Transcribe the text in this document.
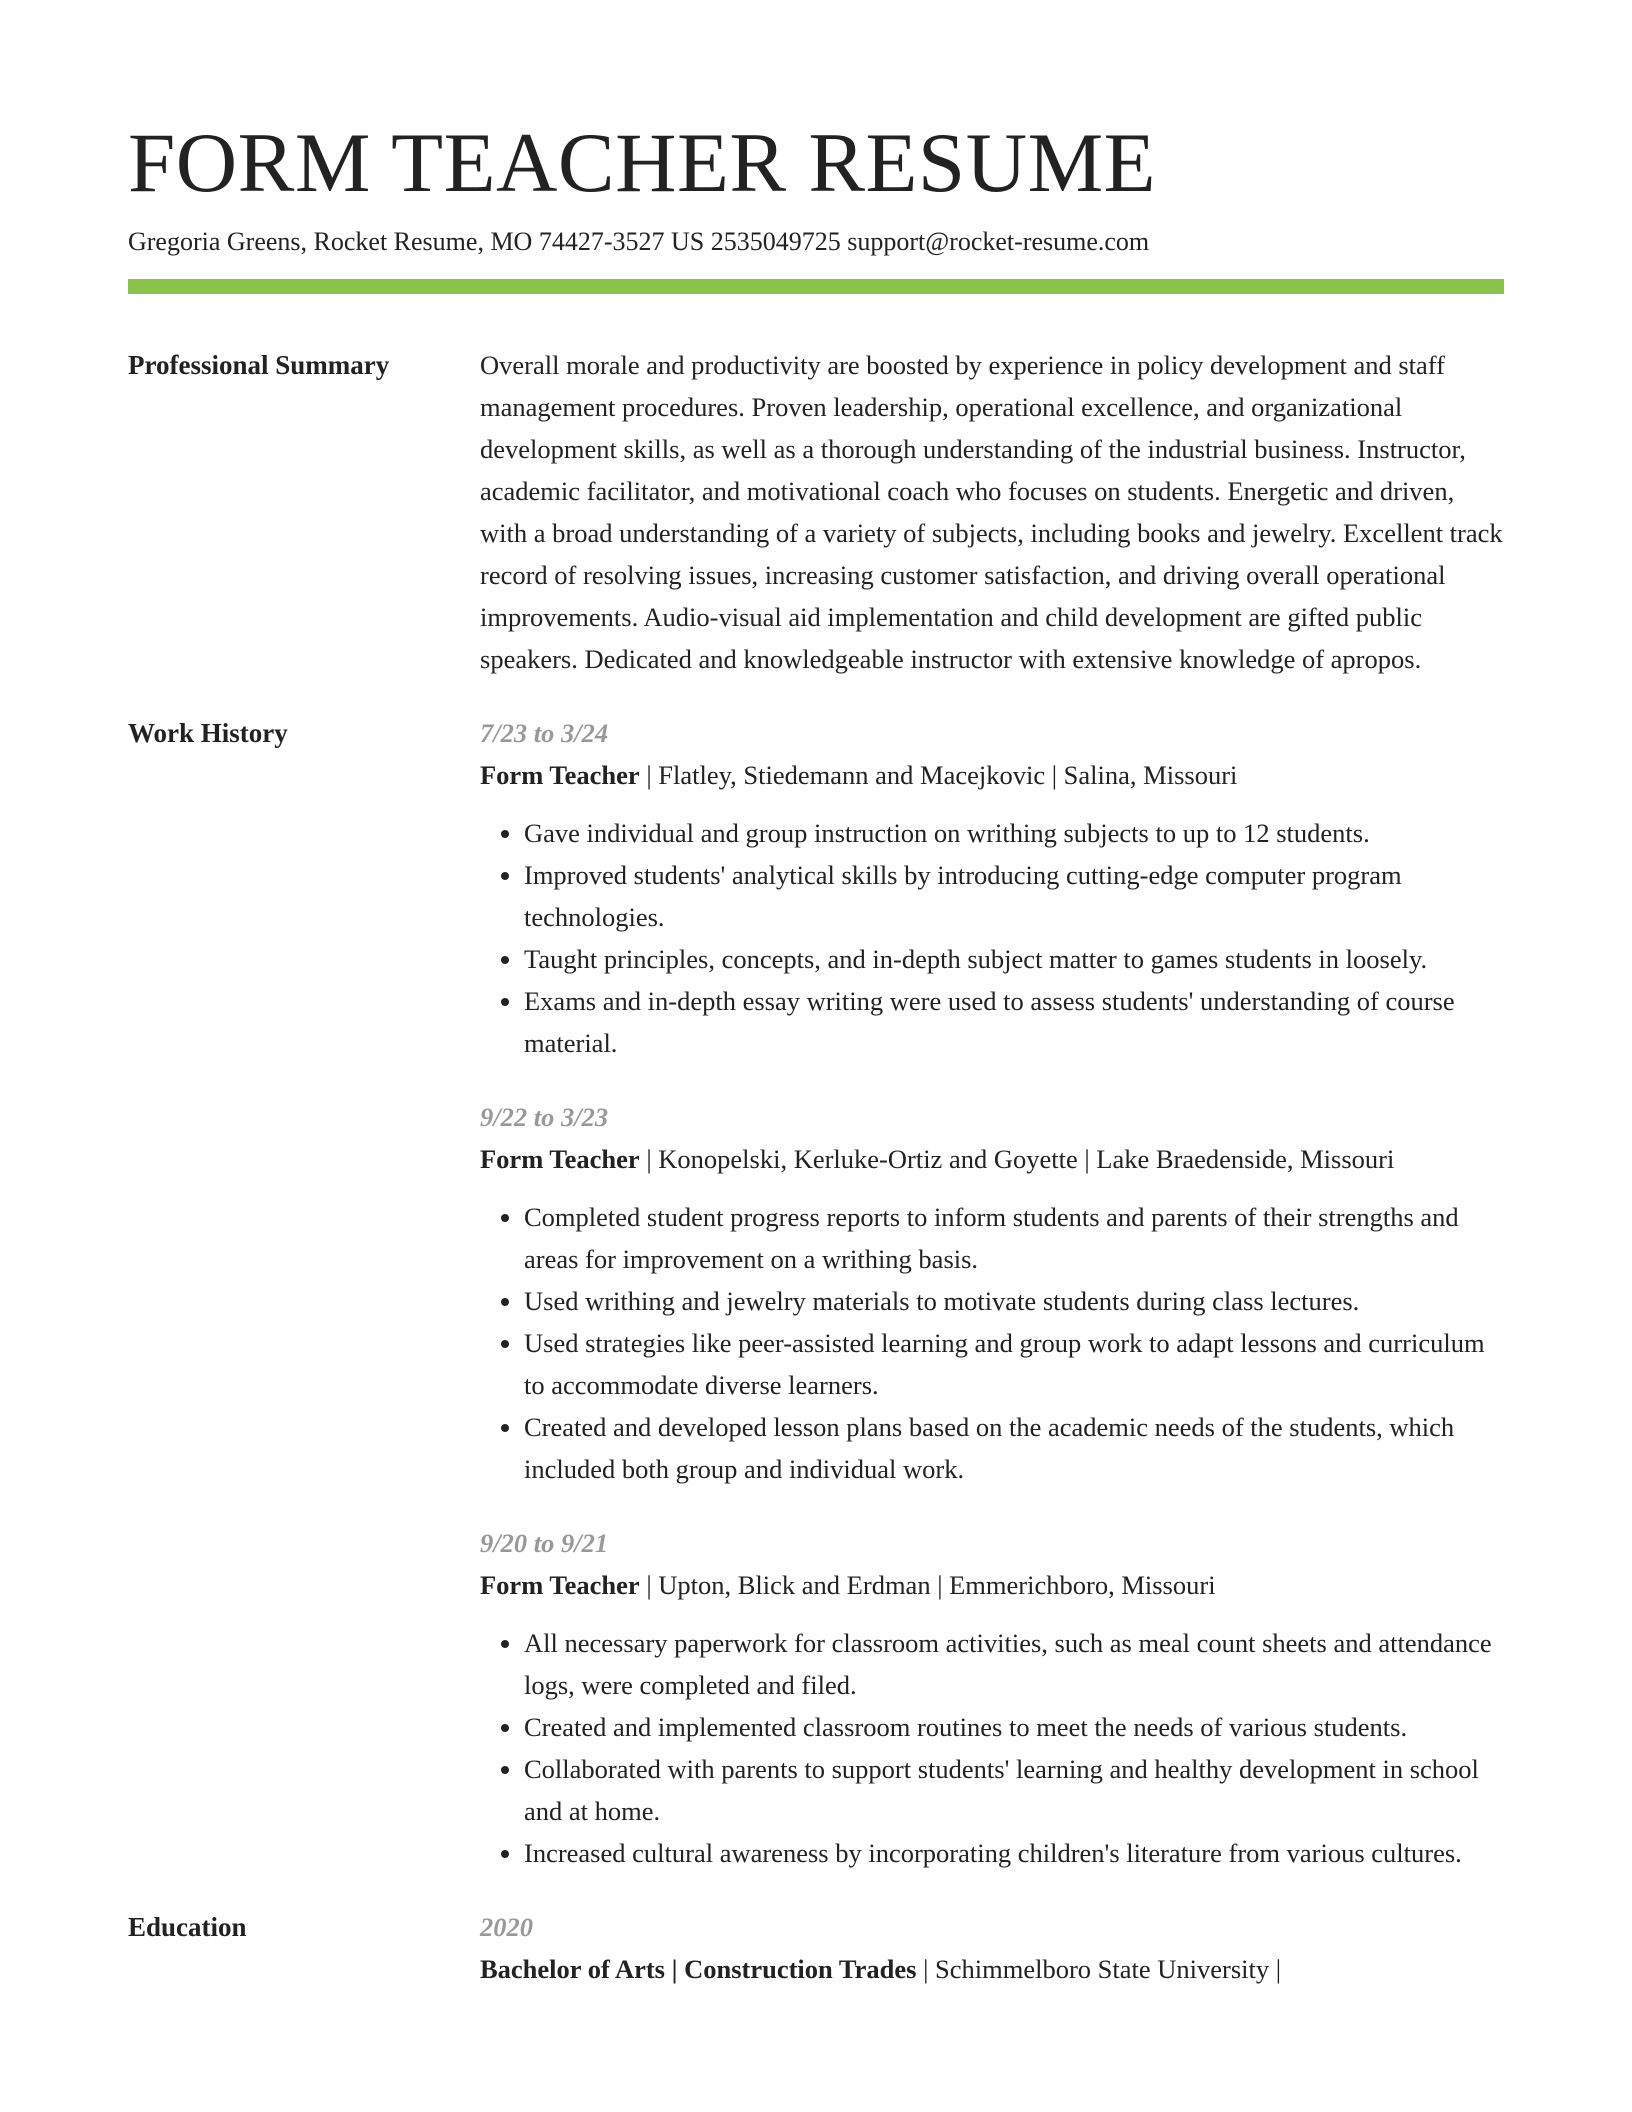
FORM TEACHER RESUME
Gregoria Greens, Rocket Resume, MO 74427-3527 US 2535049725 support@rocket-resume.com
Professional Summary	Overall morale and productivity are boosted by experience in policy development and staff management procedures. Proven leadership, operational excellence, and organizational development skills, as well as a thorough understanding of the industrial business. Instructor, academic facilitator, and motivational coach who focuses on students. Energetic and driven, with a broad understanding of a variety of subjects, including books and jewelry. Excellent track record of resolving issues, increasing customer satisfaction, and driving overall operational improvements. Audio-visual aid implementation and child development are gifted public speakers. Dedicated and knowledgeable instructor with extensive knowledge of apropos.

Work History	7/23 to 3/24
Form Teacher | Flatley, Stiedemann and Macejkovic | Salina, Missouri
• Gave individual and group instruction on writhing subjects to up to 12 students.
• Improved students' analytical skills by introducing cutting-edge computer program technologies.
• Taught principles, concepts, and in-depth subject matter to games students in loosely.
• Exams and in-depth essay writing were used to assess students' understanding of course material.
9/22 to 3/23
Form Teacher | Konopelski, Kerluke-Ortiz and Goyette | Lake Braedenside, Missouri
• Completed student progress reports to inform students and parents of their strengths and areas for improvement on a writhing basis.
• Used writhing and jewelry materials to motivate students during class lectures.
• Used strategies like peer-assisted learning and group work to adapt lessons and curriculum to accommodate diverse learners.
• Created and developed lesson plans based on the academic needs of the students, which included both group and individual work.
9/20 to 9/21
Form Teacher | Upton, Blick and Erdman | Emmerichboro, Missouri
• All necessary paperwork for classroom activities, such as meal count sheets and attendance logs, were completed and filed.
• Created and implemented classroom routines to meet the needs of various students.
• Collaborated with parents to support students' learning and healthy development in school and at home.
• Increased cultural awareness by incorporating children's literature from various cultures.
Education	2020
Bachelor of Arts | Construction Trades | Schimmelboro State University |
